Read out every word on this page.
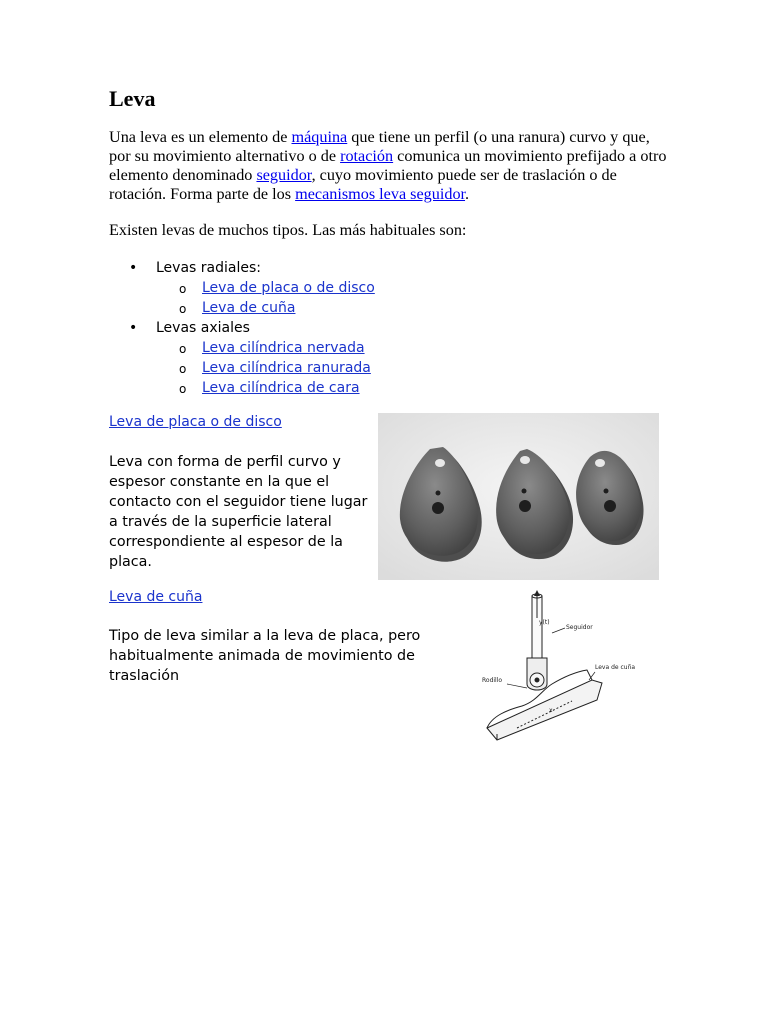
Leva

Una leva es un elemento de máquina que tiene un perfil (o una ranura) curvo y que, por su movimiento alternativo o de rotación comunica un movimiento prefijado a otro elemento denominado seguidor, cuyo movimiento puede ser de traslación o de rotación. Forma parte de los mecanismos leva seguidor.

Existen levas de muchos tipos. Las más habituales son:

• Levas radiales:
o Leva de placa o de disco
o Leva de cuña
• Levas axiales
o Leva cilíndrica nervada
o Leva cilíndrica ranurada
o Leva cilíndrica de cara
Leva de placa o de disco

Leva con forma de perfil curvo y espesor constante en la que el contacto con el seguidor tiene lugar a través de la superficie lateral correspondiente al espesor de la placa.

Leva de cuña

Tipo de leva similar a la leva de placa, pero habitualmente animada de movimiento de traslación

y(t)
Seguidor
Leva de cuña
Rodillo
x
